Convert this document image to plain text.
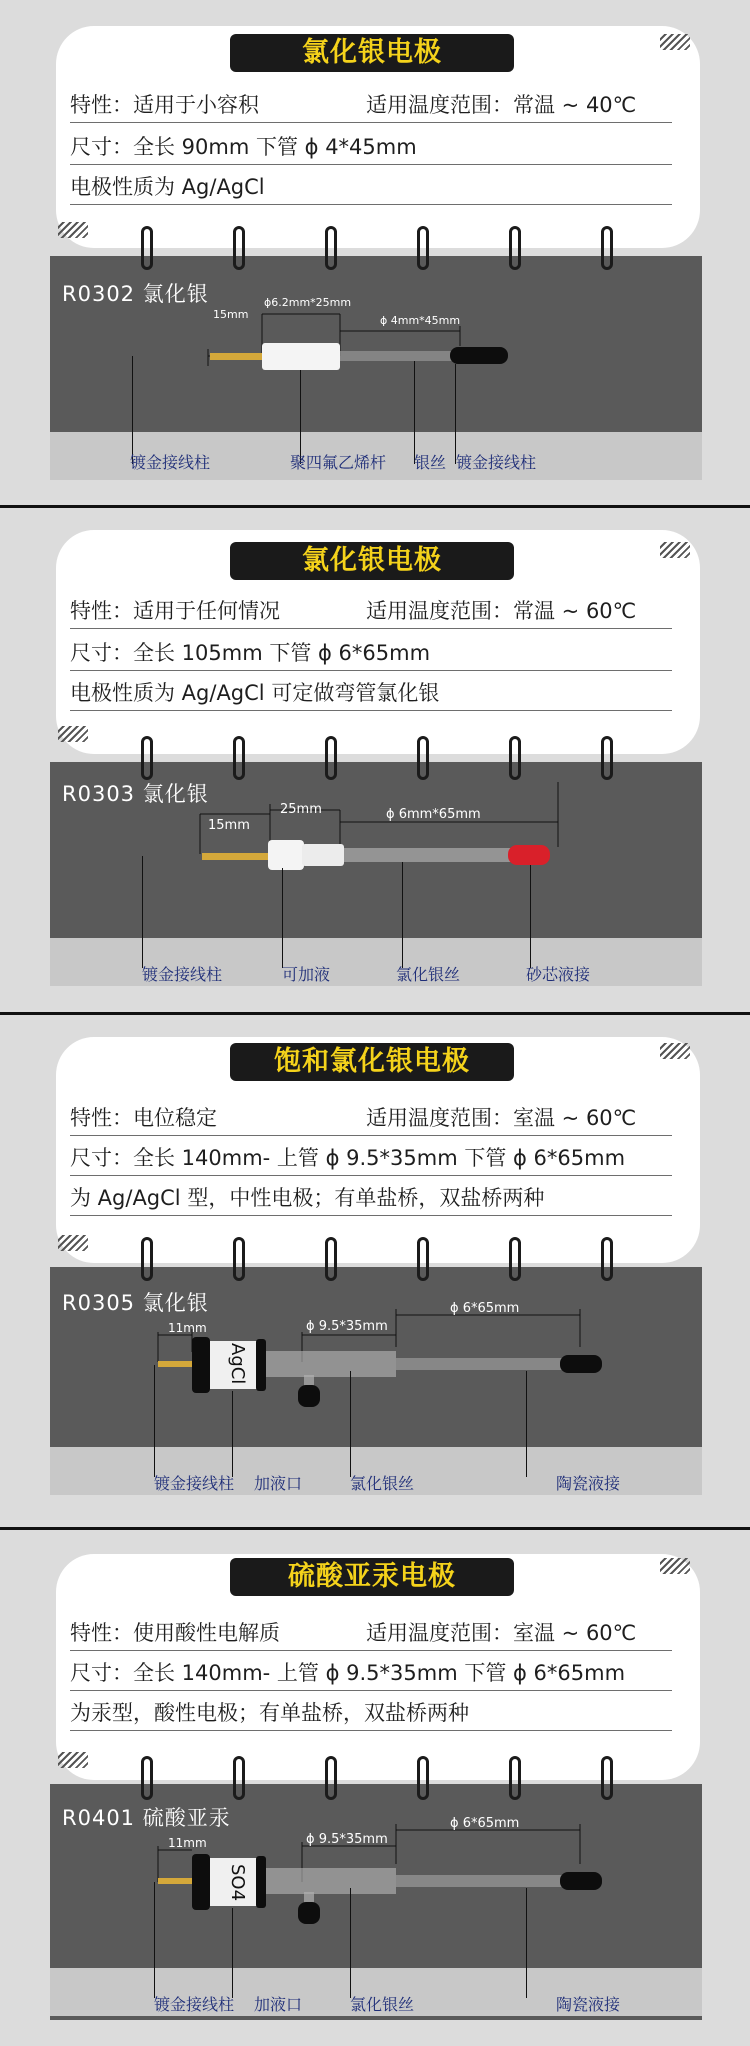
氯化银电极
特性：适用于小容积	适用温度范围：常温 ~ 40℃
尺寸：全长 90mm 下管 ϕ 4*45mm
电极性质为 Ag/AgCl
R0302 氯化银
15mm
ϕ6.2mm*25mm
ϕ 4mm*45mm
镀金接线柱	聚四氟乙烯杆 银丝 镀金接线柱
氯化银电极
特性：适用于任何情况	适用温度范围：常温 ~ 60℃
尺寸：全长 105mm 下管 ϕ 6*65mm
电极性质为 Ag/AgCl 可定做弯管氯化银
R0303 氯化银
15mm
25mm	ϕ 6mm*65mm
镀金接线柱	可加液	氯化银丝	砂芯液接
饱和氯化银电极
特性：电位稳定	适用温度范围：室温 ~ 60℃
尺寸：全长 140mm- 上管 ϕ 9.5*35mm 下管 ϕ 6*65mm
为 Ag/AgCl 型，中性电极；有单盐桥，双盐桥两种
R0305 氯化银
11mm	ϕ 9.5*35mm
ϕ 6*65mm
AgCl
镀金接线柱 加液口	氯化银丝	陶瓷液接
硫酸亚汞电极
特性：使用酸性电解质	适用温度范围：室温 ~ 60℃
尺寸：全长 140mm- 上管 ϕ 9.5*35mm 下管 ϕ 6*65mm
为汞型，酸性电极；有单盐桥，双盐桥两种
R0401 硫酸亚汞
11mm	ϕ 9.5*35mm
ϕ 6*65mm
SO4
镀金接线柱 加液口	氯化银丝	陶瓷液接
